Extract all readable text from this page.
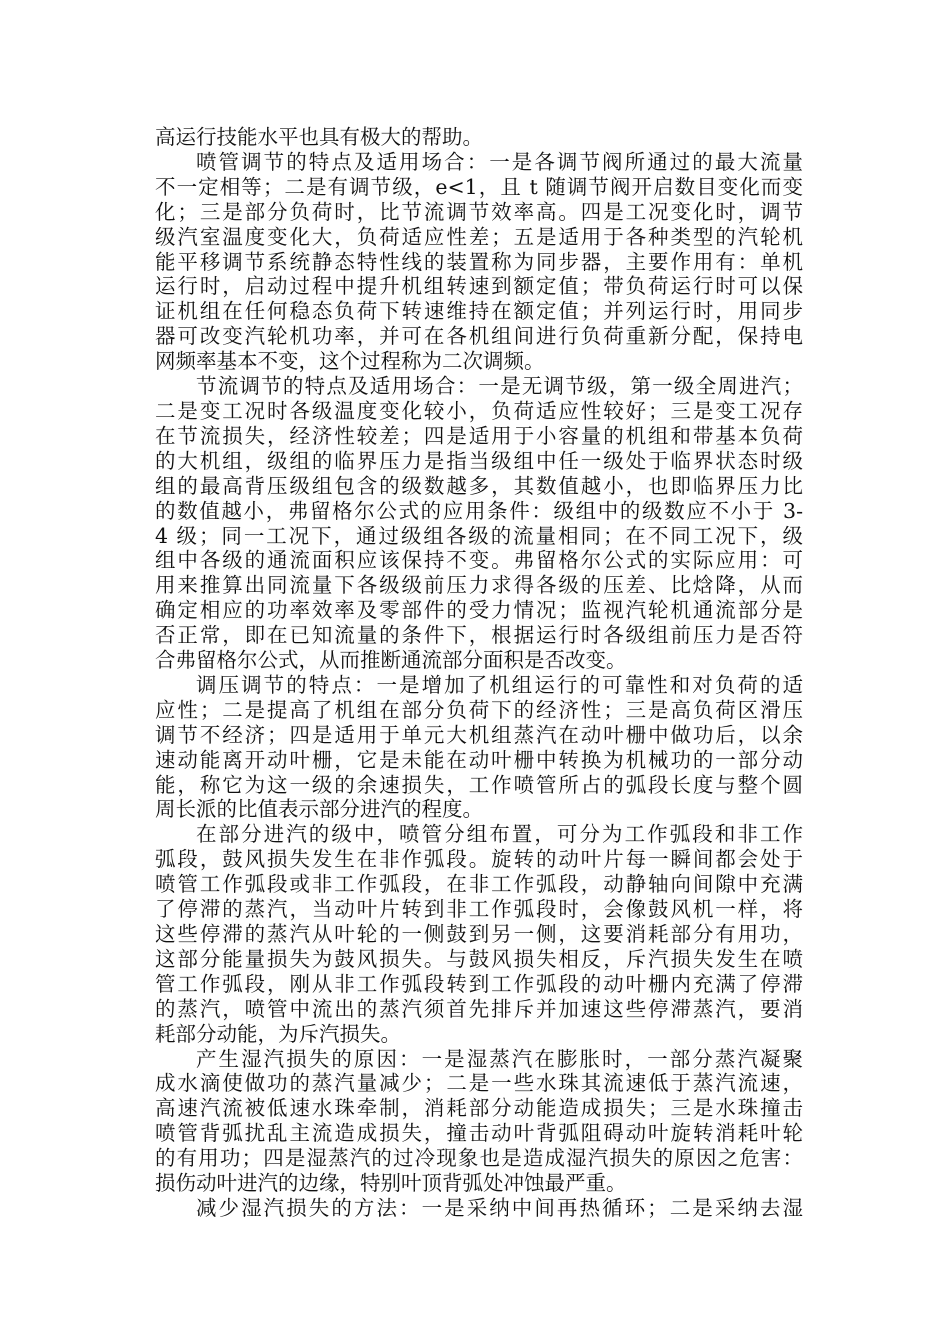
高运行技能水平也具有极大的帮助。
喷管调节的特点及适用场合：一是各调节阀所通过的最大流量
不一定相等；二是有调节级，e<1，且 t 随调节阀开启数目变化而变
化；三是部分负荷时，比节流调节效率高。四是工况变化时，调节
级汽室温度变化大，负荷适应性差；五是适用于各种类型的汽轮机
能平移调节系统静态特性线的装置称为同步器，主要作用有：单机
运行时，启动过程中提升机组转速到额定值；带负荷运行时可以保
证机组在任何稳态负荷下转速维持在额定值；并列运行时，用同步
器可改变汽轮机功率，并可在各机组间进行负荷重新分配，保持电
网频率基本不变，这个过程称为二次调频。
节流调节的特点及适用场合：一是无调节级，第一级全周进汽；
二是变工况时各级温度变化较小，负荷适应性较好；三是变工况存
在节流损失，经济性较差；四是适用于小容量的机组和带基本负荷
的大机组，级组的临界压力是指当级组中任一级处于临界状态时级
组的最高背压级组包含的级数越多，其数值越小，也即临界压力比
的数值越小，弗留格尔公式的应用条件：级组中的级数应不小于 3-
4 级；同一工况下，通过级组各级的流量相同；在不同工况下，级
组中各级的通流面积应该保持不变。弗留格尔公式的实际应用：可
用来推算出同流量下各级级前压力求得各级的压差、比焓降，从而
确定相应的功率效率及零部件的受力情况；监视汽轮机通流部分是
否正常，即在已知流量的条件下，根据运行时各级组前压力是否符
合弗留格尔公式，从而推断通流部分面积是否改变。
调压调节的特点：一是增加了机组运行的可靠性和对负荷的适
应性；二是提高了机组在部分负荷下的经济性；三是高负荷区滑压
调节不经济；四是适用于单元大机组蒸汽在动叶栅中做功后，以余
速动能离开动叶栅，它是未能在动叶栅中转换为机械功的一部分动
能，称它为这一级的余速损失，工作喷管所占的弧段长度与整个圆
周长派的比值表示部分进汽的程度。
在部分进汽的级中，喷管分组布置，可分为工作弧段和非工作
弧段，鼓风损失发生在非作弧段。旋转的动叶片每一瞬间都会处于
喷管工作弧段或非工作弧段，在非工作弧段，动静轴向间隙中充满
了停滞的蒸汽，当动叶片转到非工作弧段时，会像鼓风机一样，将
这些停滞的蒸汽从叶轮的一侧鼓到另一侧，这要消耗部分有用功，
这部分能量损失为鼓风损失。与鼓风损失相反，斥汽损失发生在喷
管工作弧段，刚从非工作弧段转到工作弧段的动叶栅内充满了停滞
的蒸汽，喷管中流出的蒸汽须首先排斥并加速这些停滞蒸汽，要消
耗部分动能，为斥汽损失。
产生湿汽损失的原因：一是湿蒸汽在膨胀时，一部分蒸汽凝聚
成水滴使做功的蒸汽量减少；二是一些水珠其流速低于蒸汽流速，
高速汽流被低速水珠牵制，消耗部分动能造成损失；三是水珠撞击
喷管背弧扰乱主流造成损失，撞击动叶背弧阻碍动叶旋转消耗叶轮
的有用功；四是湿蒸汽的过冷现象也是造成湿汽损失的原因之危害：
损伤动叶进汽的边缘，特别叶顶背弧处冲蚀最严重。
减少湿汽损失的方法：一是采纳中间再热循环；二是采纳去湿
